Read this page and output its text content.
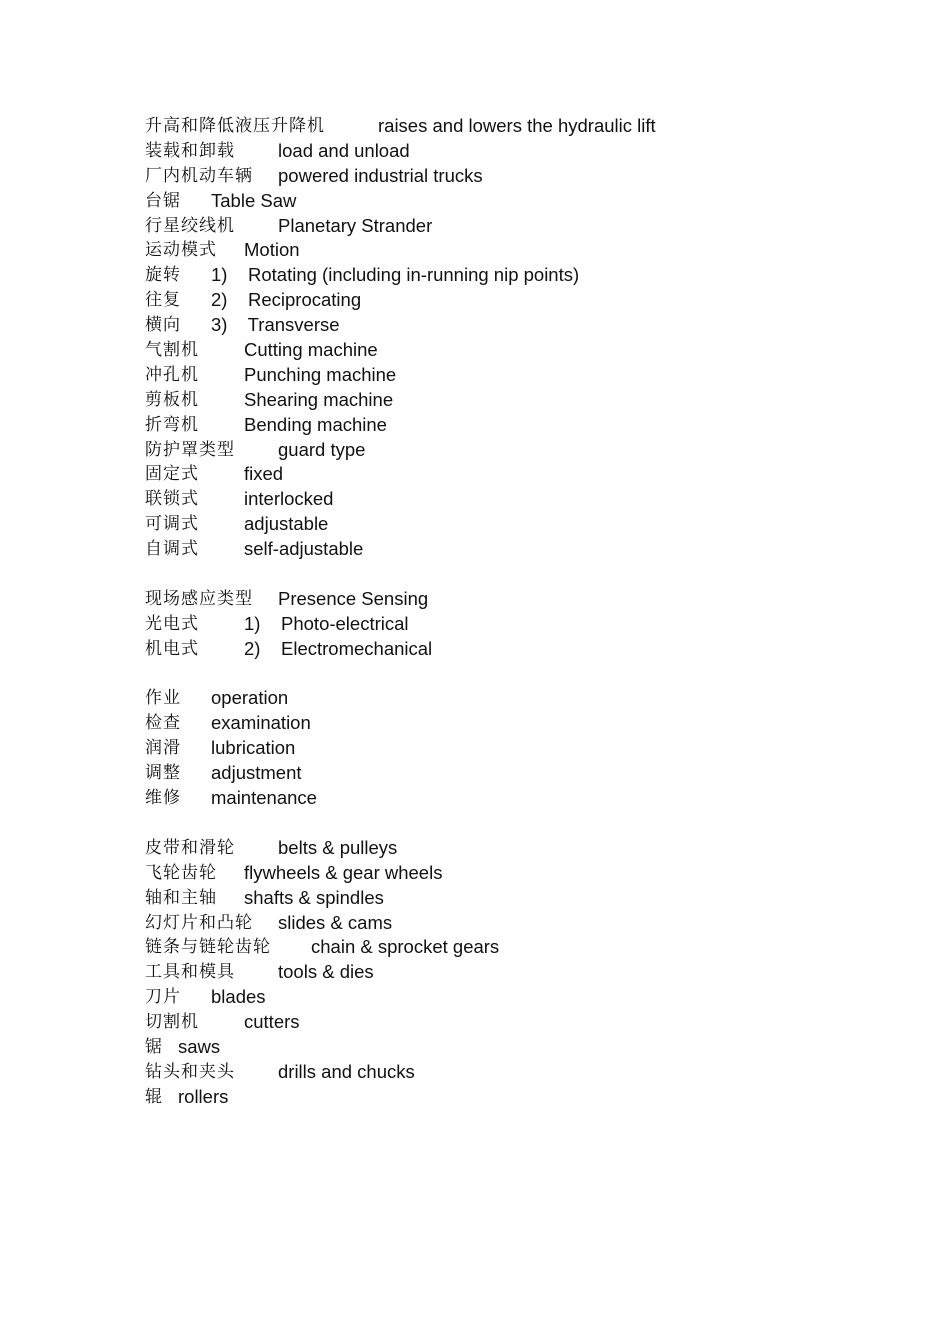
升高和降低液压升降机	raises and lowers the hydraulic lift
装载和卸载 load and unload
厂内机动车辆 powered industrial trucks
台锯 Table Saw
行星绞线机 Planetary Strander
运动模式 Motion
旋转 1)    Rotating (including in-running nip points)
往复 2)    Reciprocating
横向 3)    Transverse
气割机 Cutting machine
冲孔机 Punching machine
剪板机 Shearing machine
折弯机 Bending machine
防护罩类型 guard type
固定式 fixed
联锁式 interlocked
可调式 adjustable
自调式 self-adjustable
现场感应类型 Presence Sensing
光电式 1)    Photo-electrical
机电式 2)    Electromechanical
作业 operation
检查 examination
润滑 lubrication
调整 adjustment
维修 maintenance
皮带和滑轮 belts & pulleys
飞轮齿轮 flywheels & gear wheels
轴和主轴 shafts & spindles
幻灯片和凸轮 slides & cams
链条与链轮齿轮 chain & sprocket gears
工具和模具 tools & dies
刀片 blades
切割机 cutters
锯 saws
钻头和夹头 drills and chucks
辊 rollers
